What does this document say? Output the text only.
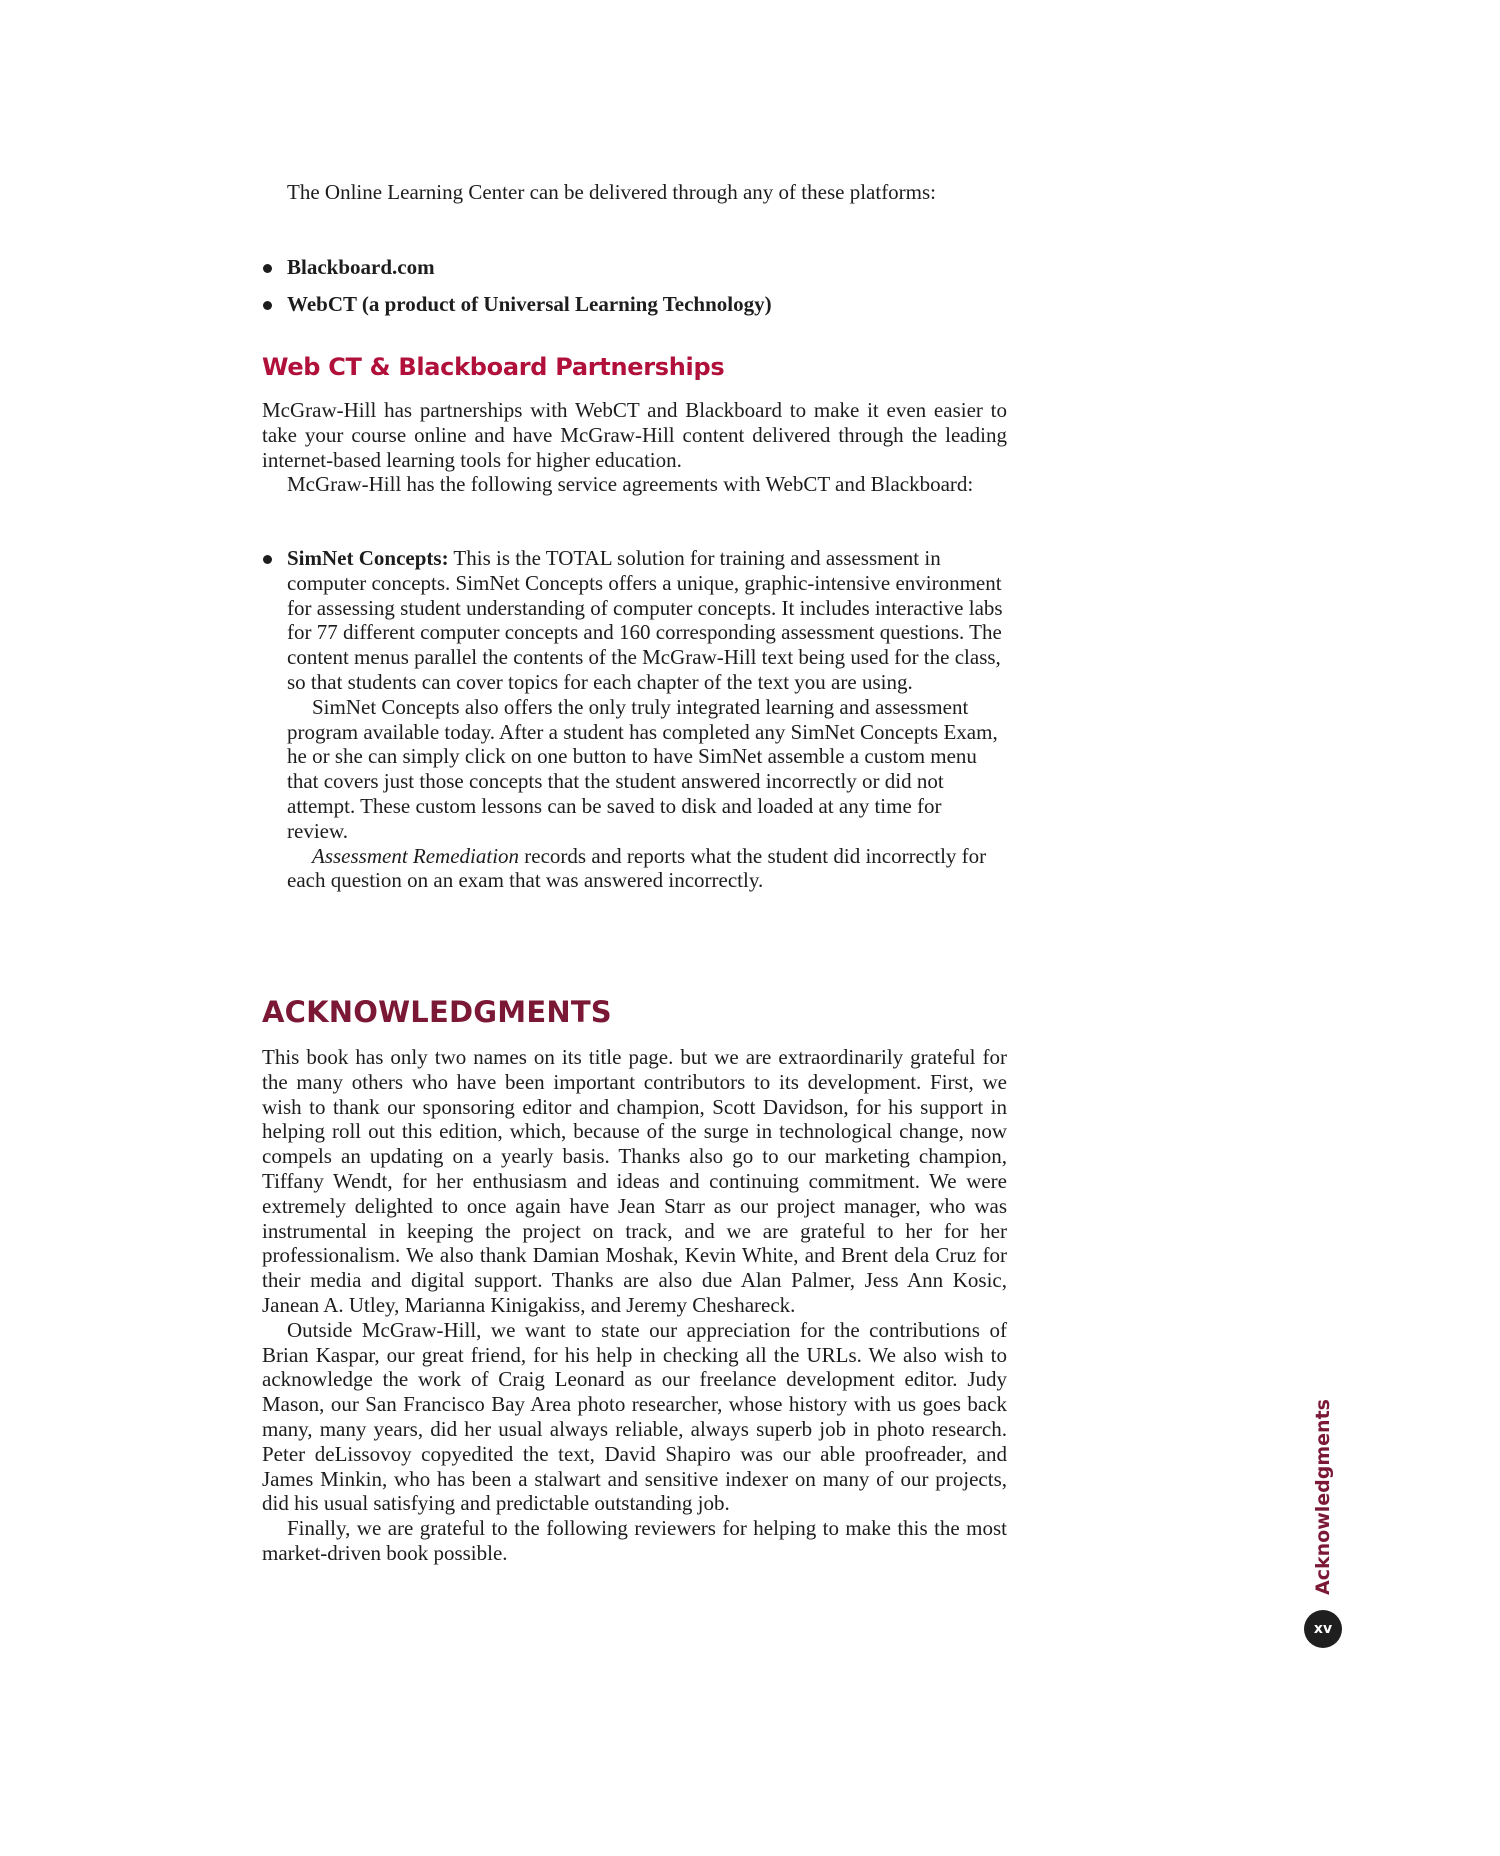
The Online Learning Center can be delivered through any of these platforms:

Blackboard.com
WebCT (a product of Universal Learning Technology)
Web CT & Blackboard Partnerships

McGraw-Hill has partnerships with WebCT and Blackboard to make it even easier to take your course online and have McGraw-Hill content delivered through the leading internet-based learning tools for higher education.

McGraw-Hill has the following service agreements with WebCT and Blackboard:

SimNet Concepts: This is the TOTAL solution for training and assessment in computer concepts. SimNet Concepts offers a unique, graphic-intensive environment for assessing student understanding of computer concepts. It includes interactive labs for 77 different computer concepts and 160 corresponding assessment questions. The content menus parallel the contents of the McGraw-Hill text being used for the class, so that students can cover topics for each chapter of the text you are using.

SimNet Concepts also offers the only truly integrated learning and assessment program available today. After a student has completed any SimNet Concepts Exam, he or she can simply click on one button to have SimNet assemble a custom menu that covers just those concepts that the student answered incorrectly or did not attempt. These custom lessons can be saved to disk and loaded at any time for review.

Assessment Remediation records and reports what the student did incorrectly for each question on an exam that was answered incorrectly.

ACKNOWLEDGMENTS

This book has only two names on its title page. but we are extraordinarily grateful for the many others who have been important contributors to its development. First, we wish to thank our sponsoring editor and champion, Scott Davidson, for his support in helping roll out this edition, which, because of the surge in technological change, now compels an updating on a yearly basis. Thanks also go to our marketing champion, Tiffany Wendt, for her enthusiasm and ideas and continuing commitment. We were extremely delighted to once again have Jean Starr as our project manager, who was instrumental in keeping the project on track, and we are grateful to her for her professionalism. We also thank Damian Moshak, Kevin White, and Brent dela Cruz for their media and digital support. Thanks are also due Alan Palmer, Jess Ann Kosic, Janean A. Utley, Marianna Kinigakiss, and Jeremy Cheshareck.

Outside McGraw-Hill, we want to state our appreciation for the contributions of Brian Kaspar, our great friend, for his help in checking all the URLs. We also wish to acknowledge the work of Craig Leonard as our freelance development editor. Judy Mason, our San Francisco Bay Area photo researcher, whose history with us goes back many, many years, did her usual always reliable, always superb job in photo research. Peter deLissovoy copyedited the text, David Shapiro was our able proofreader, and James Minkin, who has been a stalwart and sensitive indexer on many of our projects, did his usual satisfying and predictable outstanding job.

Finally, we are grateful to the following reviewers for helping to make this the most market-driven book possible.	Acknowledgments
xv
